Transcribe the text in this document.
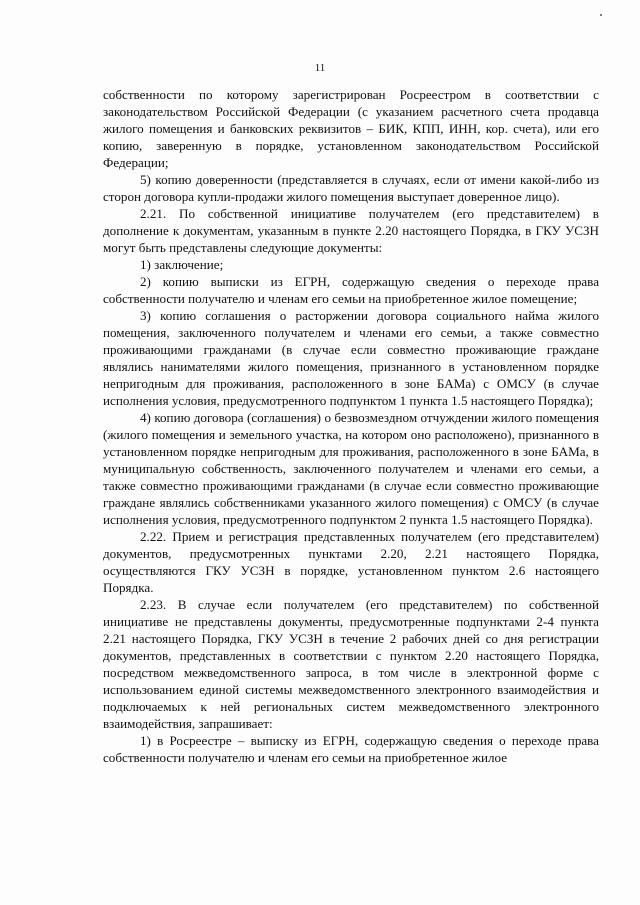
11

собственности по которому зарегистрирован Росреестром в соответствии с законодательством Российской Федерации (с указанием расчетного счета продавца жилого помещения и банковских реквизитов – БИК, КПП, ИНН, кор. счета), или его копию, заверенную в порядке, установленном законодательством Российской Федерации;

5) копию доверенности (представляется в случаях, если от имени какой-либо из сторон договора купли-продажи жилого помещения выступает доверенное лицо).

2.21. По собственной инициативе получателем (его представителем) в дополнение к документам, указанным в пункте 2.20 настоящего Порядка, в ГКУ УСЗН могут быть представлены следующие документы:

1) заключение;

2) копию выписки из ЕГРН, содержащую сведения о переходе права собственности получателю и членам его семьи на приобретенное жилое помещение;

3) копию соглашения о расторжении договора социального найма жилого помещения, заключенного получателем и членами его семьи, а также совместно проживающими гражданами (в случае если совместно проживающие граждане являлись нанимателями жилого помещения, признанного в установленном порядке непригодным для проживания, расположенного в зоне БАМа) с ОМСУ (в случае исполнения условия, предусмотренного подпунктом 1 пункта 1.5 настоящего Порядка);

4) копию договора (соглашения) о безвозмездном отчуждении жилого помещения (жилого помещения и земельного участка, на котором оно расположено), признанного в установленном порядке непригодным для проживания, расположенного в зоне БАМа, в муниципальную собственность, заключенного получателем и членами его семьи, а также совместно проживающими гражданами (в случае если совместно проживающие граждане являлись собственниками указанного жилого помещения) с ОМСУ (в случае исполнения условия, предусмотренного подпунктом 2 пункта 1.5 настоящего Порядка).

2.22. Прием и регистрация представленных получателем (его представителем) документов, предусмотренных пунктами 2.20, 2.21 настоящего Порядка, осуществляются ГКУ УСЗН в порядке, установленном пунктом 2.6 настоящего Порядка.

2.23. В случае если получателем (его представителем) по собственной инициативе не представлены документы, предусмотренные подпунктами 2-4 пункта 2.21 настоящего Порядка, ГКУ УСЗН в течение 2 рабочих дней со дня регистрации документов, представленных в соответствии с пунктом 2.20 настоящего Порядка, посредством межведомственного запроса, в том числе в электронной форме с использованием единой системы межведомственного электронного взаимодействия и подключаемых к ней региональных систем межведомственного электронного взаимодействия, запрашивает:

1) в Росреестре – выписку из ЕГРН, содержащую сведения о переходе права собственности получателю и членам его семьи на приобретенное жилое
